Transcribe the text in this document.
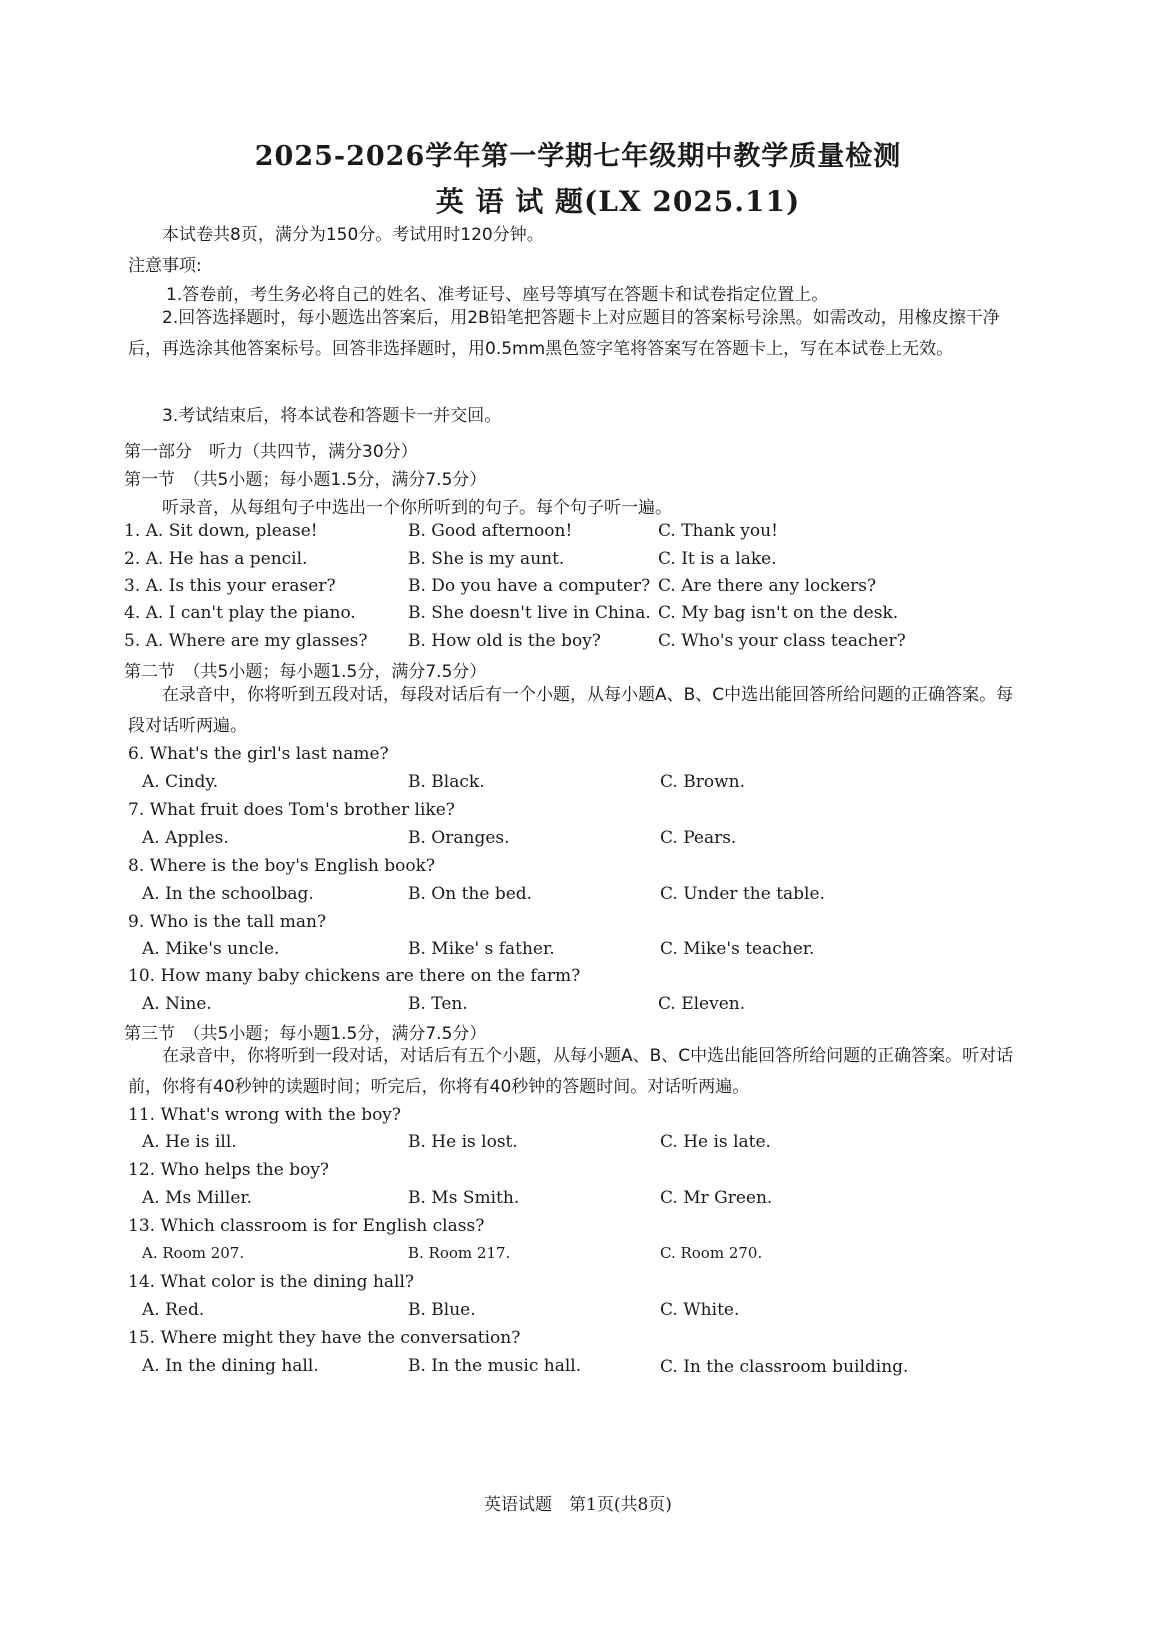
2025-2026学年第一学期七年级期中教学质量检测
英 语 试 题(LX 2025.11)
本试卷共8页，满分为150分。考试用时120分钟。
注意事项:
1.答卷前，考生务必将自己的姓名、准考证号、座号等填写在答题卡和试卷指定位置上。
2.回答选择题时，每小题选出答案后，用2B铅笔把答题卡上对应题目的答案标号涂黑。如需改动，用橡皮擦干净后，再选涂其他答案标号。回答非选择题时，用0.5mm黑色签字笔将答案写在答题卡上，写在本试卷上无效。
3.考试结束后，将本试卷和答题卡一并交回。
第一部分　听力（共四节，满分30分）
第一节　（共5小题；每小题1.5分，满分7.5分）
听录音，从每组句子中选出一个你所听到的句子。每个句子听一遍。
1. A. Sit down, please!	B. Good afternoon!	C. Thank you!
2. A. He has a pencil.	B. She is my aunt.	C. It is a lake.
3. A. Is this your eraser?	B. Do you have a computer? C. Are there any lockers?
4. A. I can't play the piano.	B. She doesn't live in China. C. My bag isn't on the desk.
5. A. Where are my glasses? B. How old is the boy?	C. Who's your class teacher?
第二节　（共5小题；每小题1.5分，满分7.5分）
在录音中，你将听到五段对话，每段对话后有一个小题，从每小题A、B、C中选出能回答所给问题的正确答案。每段对话听两遍。
6. What's the girl's last name?
A. Cindy.	B. Black.	C. Brown.
7. What fruit does Tom's brother like?
A. Apples.	B. Oranges.	C. Pears.
8. Where is the boy's English book?
A. In the schoolbag.	B. On the bed.	C. Under the table.
9. Who is the tall man?
A. Mike's uncle.	B. Mike' s father.	C. Mike's teacher.
10. How many baby chickens are there on the farm?
A. Nine.	B. Ten.	C. Eleven.
第三节　（共5小题；每小题1.5分，满分7.5分）
在录音中，你将听到一段对话，对话后有五个小题，从每小题A、B、C中选出能回答所给问题的正确答案。听对话前，你将有40秒钟的读题时间；听完后，你将有40秒钟的答题时间。对话听两遍。
11. What's wrong with the boy?
A. He is ill.	B. He is lost.	C. He is late.
12. Who helps the boy?
A. Ms Miller.	B. Ms Smith.	C. Mr Green.
13. Which classroom is for English class?
A. Room 207.	B. Room 217.	C. Room 270.
14. What color is the dining hall?
A. Red.	B. Blue.	C. White.
15. Where might they have the conversation?
A. In the dining hall.	B. In the music hall.	C. In the classroom building.
英语试题　第1页(共8页)
